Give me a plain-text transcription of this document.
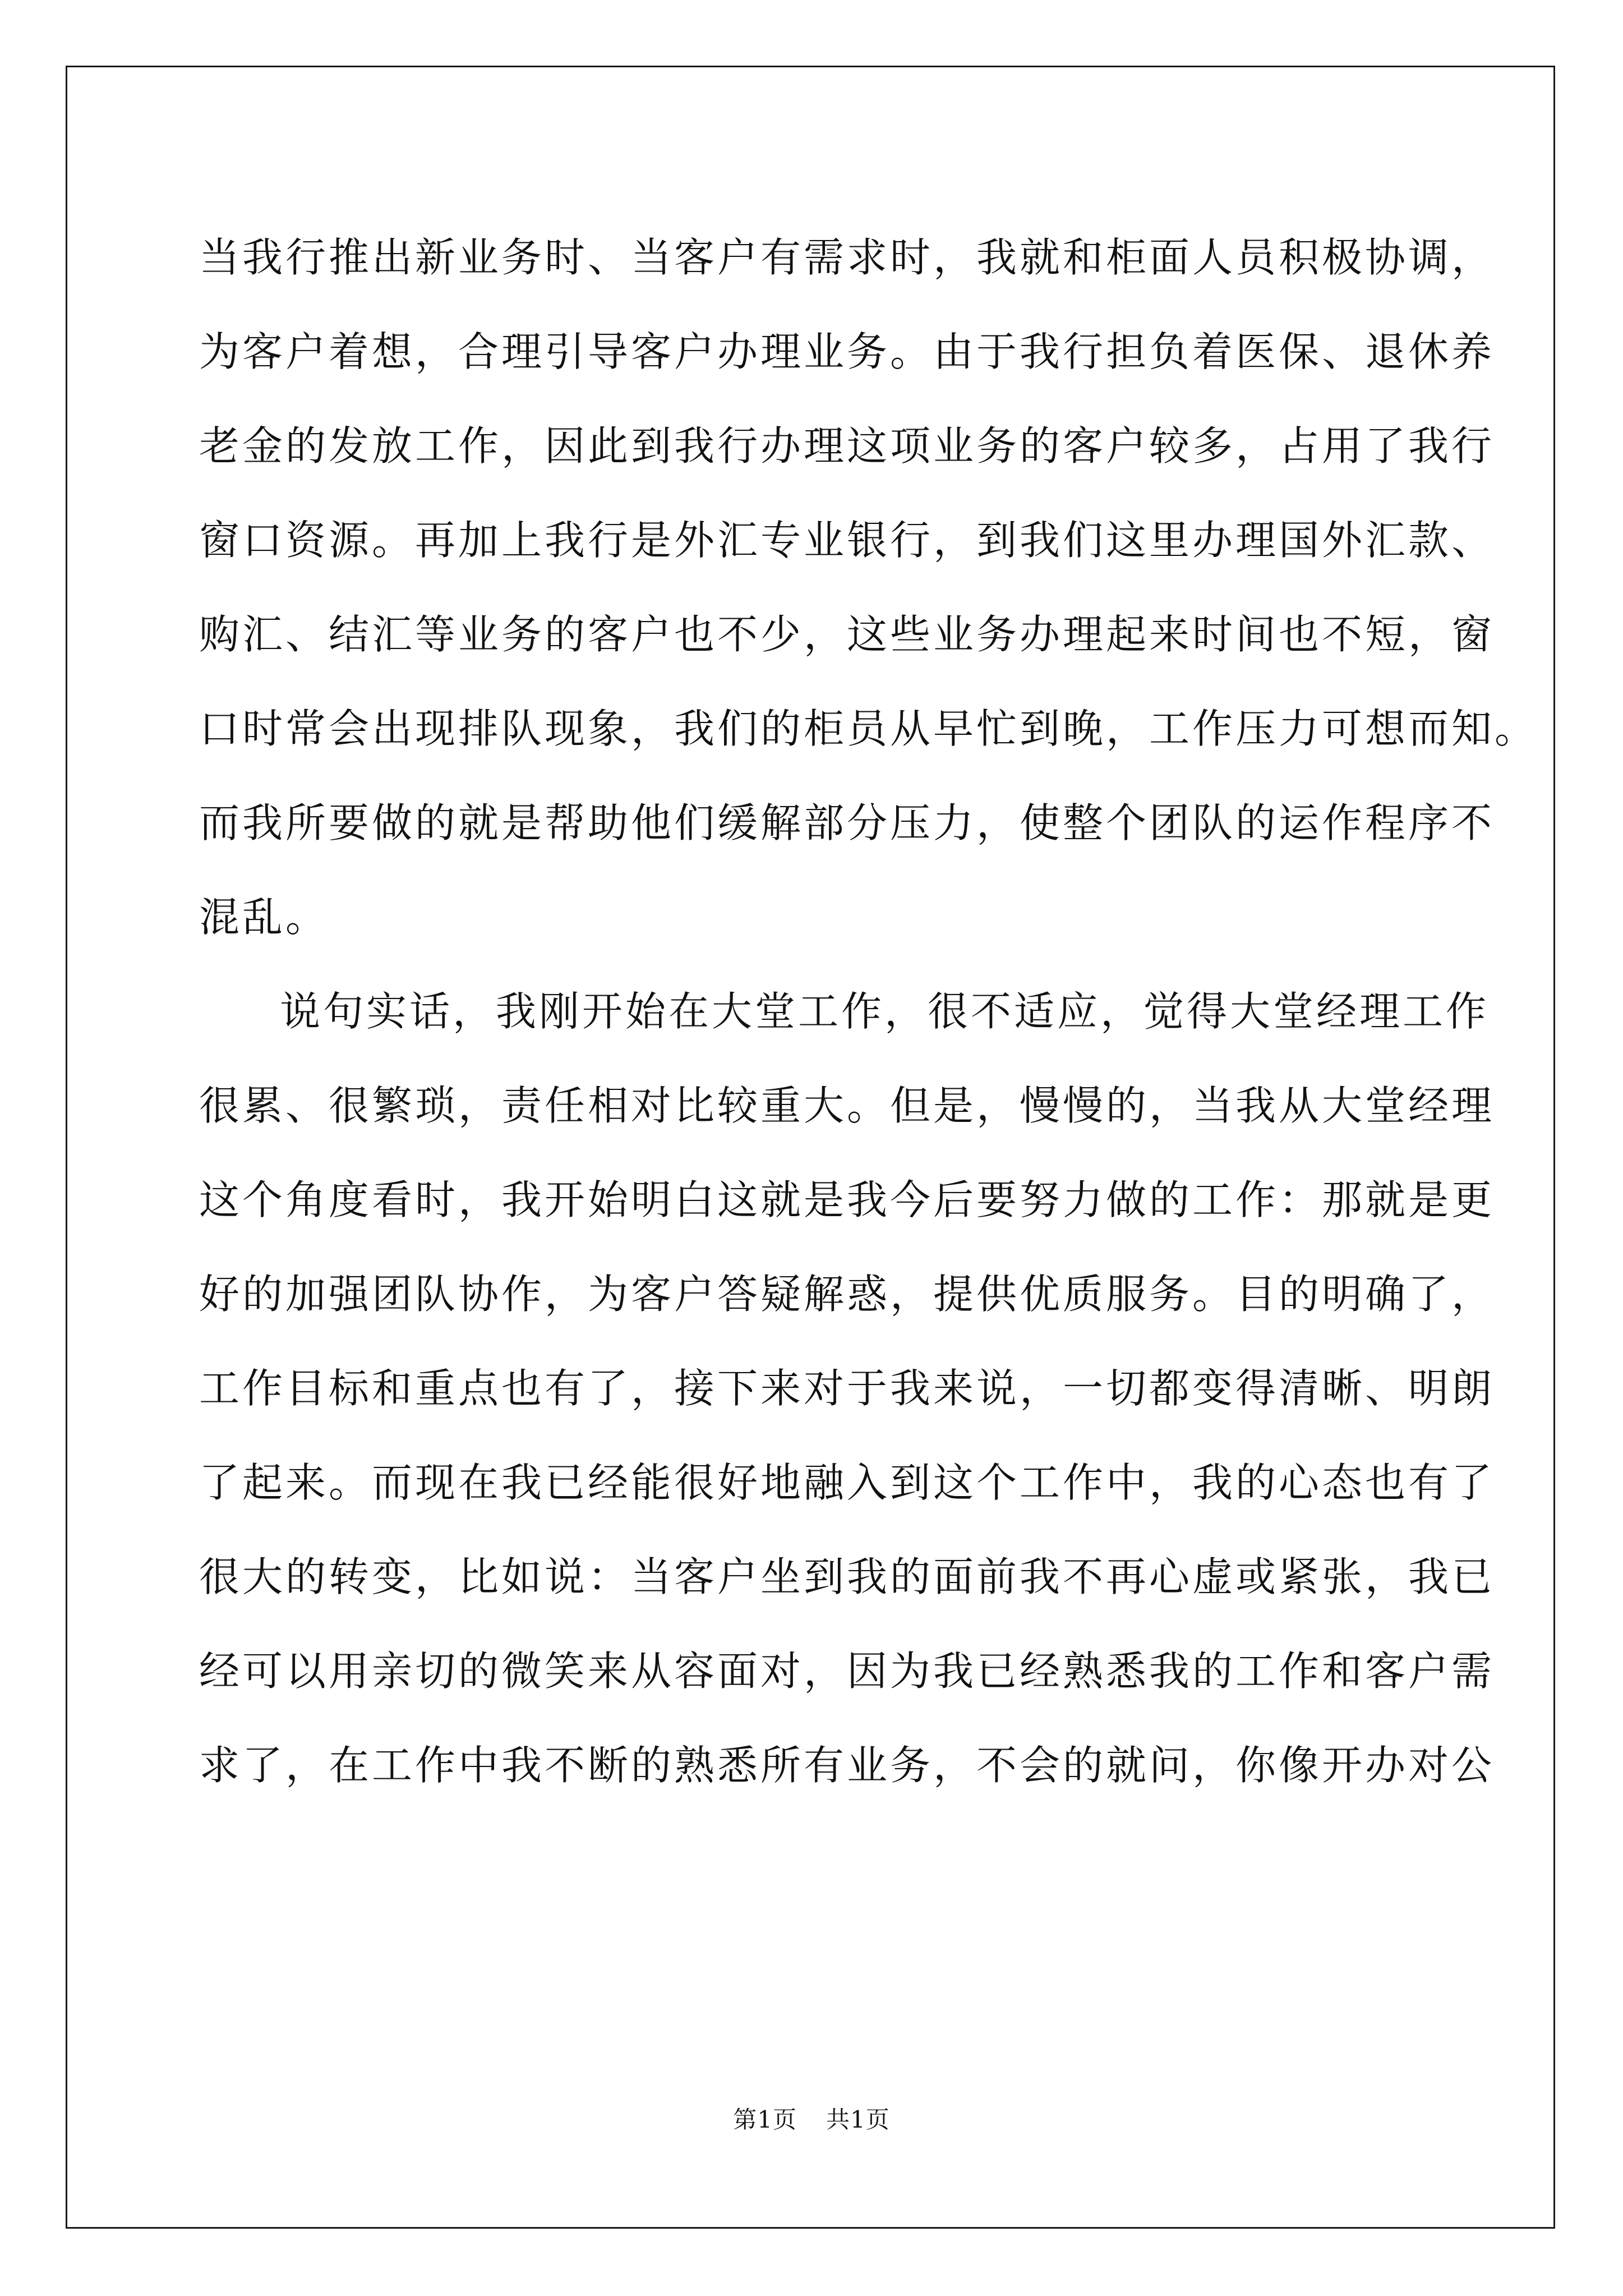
当我行推出新业务时、当客户有需求时，我就和柜面人员积极协调，
为客户着想，合理引导客户办理业务。由于我行担负着医保、退休养
老金的发放工作，因此到我行办理这项业务的客户较多，占用了我行
窗口资源。再加上我行是外汇专业银行，到我们这里办理国外汇款、
购汇、结汇等业务的客户也不少，这些业务办理起来时间也不短，窗
口时常会出现排队现象，我们的柜员从早忙到晚，工作压力可想而知。
而我所要做的就是帮助他们缓解部分压力，使整个团队的运作程序不
混乱。
说句实话，我刚开始在大堂工作，很不适应，觉得大堂经理工作
很累、很繁琐，责任相对比较重大。但是，慢慢的，当我从大堂经理
这个角度看时，我开始明白这就是我今后要努力做的工作：那就是更
好的加强团队协作，为客户答疑解惑，提供优质服务。目的明确了，
工作目标和重点也有了，接下来对于我来说，一切都变得清晰、明朗
了起来。而现在我已经能很好地融入到这个工作中，我的心态也有了
很大的转变，比如说：当客户坐到我的面前我不再心虚或紧张，我已
经可以用亲切的微笑来从容面对，因为我已经熟悉我的工作和客户需
求了，在工作中我不断的熟悉所有业务，不会的就问，你像开办对公
第1页 共1页
